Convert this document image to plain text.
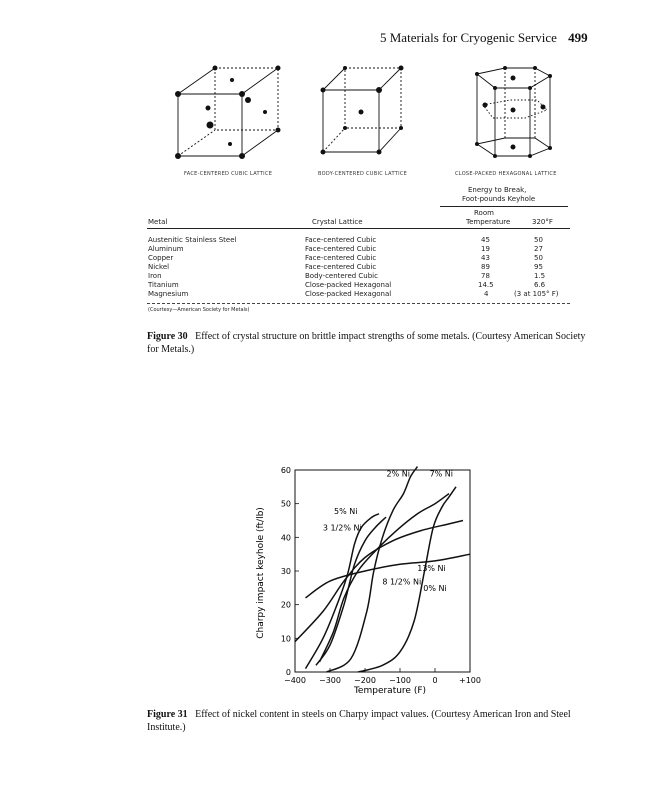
5 Materials for Cryogenic Service 499
FACE-CENTERED CUBIC LATTICE	BODY-CENTERED CUBIC LATTICE	CLOSE-PACKED HEXAGONAL LATTICE
Energy to Break,
Foot-pounds Keyhole
Room
Metal	Crystal Lattice	Temperature	320°F
Austenitic Stainless Steel	Face-centered Cubic	45	50
Aluminum	Face-centered Cubic	19	27
Copper	Face-centered Cubic	43	50
Nickel	Face-centered Cubic	89	95
Iron	Body-centered Cubic	78	1.5
Titanium	Close-packed Hexagonal	14.5	6.6
Magnesium	Close-packed Hexagonal	4	(3 at 105° F)
(Courtesy—American Society for Metals)
Figure 30 Effect of crystal structure on brittle impact strengths of some metals. (Courtesy American Society for Metals.)
Charpy impact keyhole (ft/lb)
Temperature (F)
−400 −300 −200 −100	0	+100
0
10
20
30
40
50
60	2% Ni 7% Ni
5% Ni
3 1/2% Ni
8 1/2% Ni
13% Ni
0% Ni
Figure 31 Effect of nickel content in steels on Charpy impact values. (Courtesy American Iron and Steel Institute.)
